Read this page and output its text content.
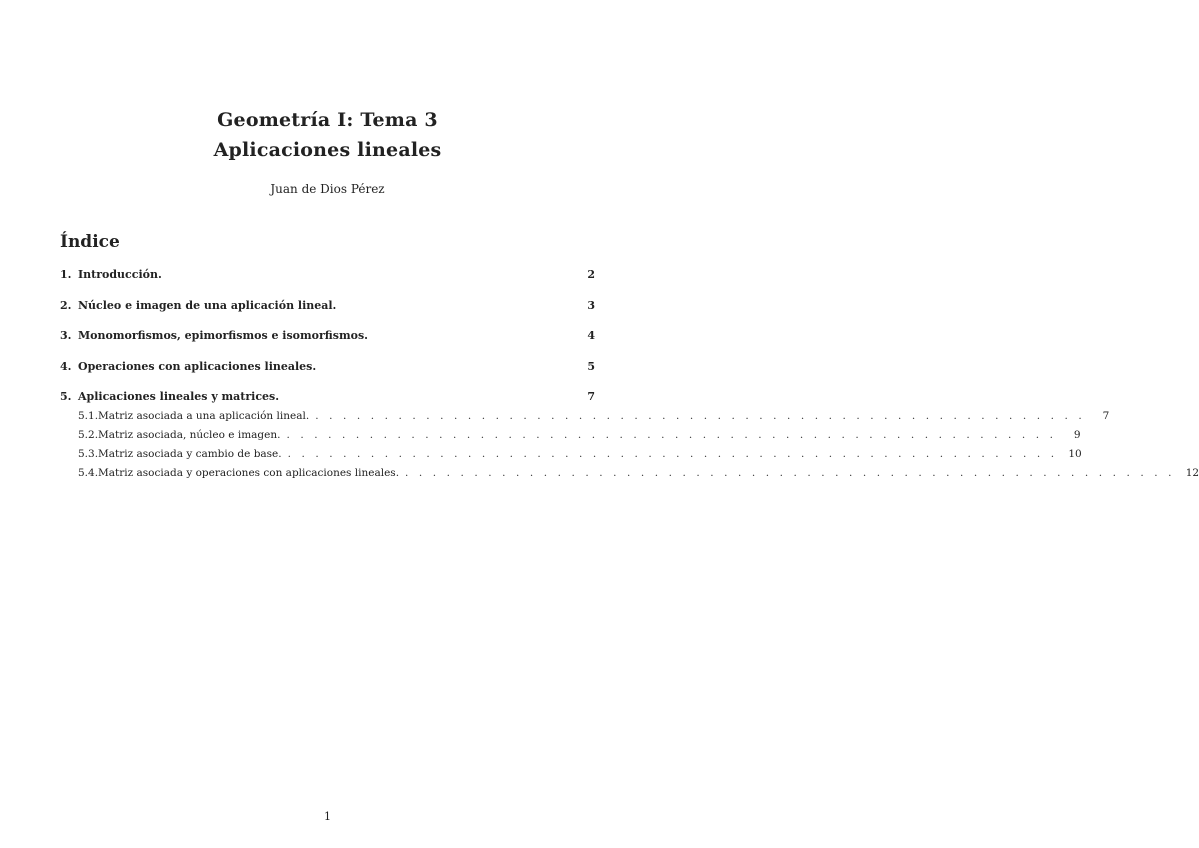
Geometría I: Tema 3
Aplicaciones lineales
Juan de Dios Pérez
Índice
1. Introducción.	2
2. Núcleo e imagen de una aplicación lineal.	3
3. Monomorfismos, epimorfismos e isomorfismos.	4
4. Operaciones con aplicaciones lineales.	5
5. Aplicaciones lineales y matrices.	7
5.1. Matriz asociada a una aplicación lineal. . . . . . . . . . . . . . . . . . . . . . . . . . . . . . . . . . . . . . . . . . . . . . . . . . . . . . . . .	7
5.2. Matriz asociada, núcleo e imagen. . . . . . . . . . . . . . . . . . . . . . . . . . . . . . . . . . . . . . . . . . . . . . . . . . . . . . . . .	9
5.3. Matriz asociada y cambio de base. . . . . . . . . . . . . . . . . . . . . . . . . . . . . . . . . . . . . . . . . . . . . . . . . . . . . . . . . 10
5.4. Matriz asociada y operaciones con aplicaciones lineales. . . . . . . . . . . . . . . . . . . . . . . . . . . . . . . . . . . . . . . . . . . . . . . . . . . . . . . . . 12
1
